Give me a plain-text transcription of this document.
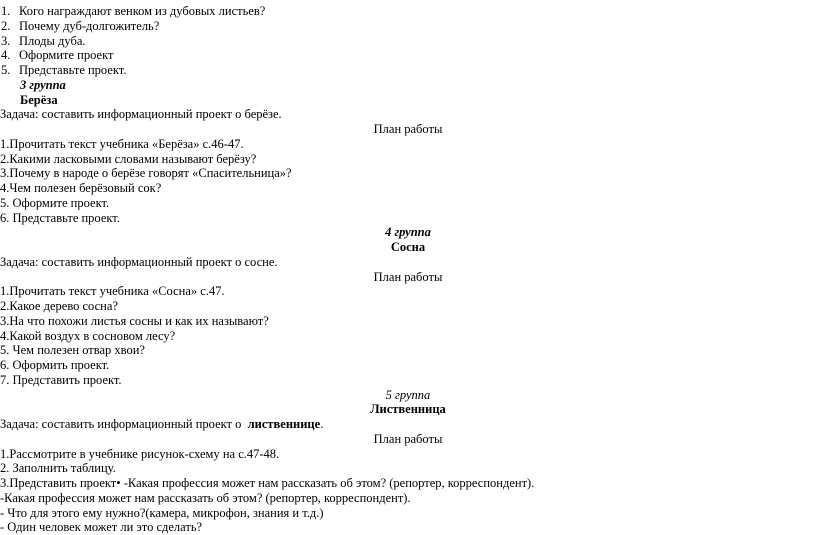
1. Кого награждают венком из дубовых листьев?
2. Почему дуб-долгожитель?
3. Плоды дуба.
4. Оформите проект
5. Представьте проект.
3 группа
Берёза
Задача: составить информационный проект о берёзе.
План работы
1.Прочитать текст учебника «Берёза» с.46-47.
2.Какими ласковыми словами называют берёзу?
3.Почему в народе о берёзе говорят «Спасительница»?
4.Чем полезен берёзовый сок?
5. Оформите проект.
6. Представьте проект.
4 группа
Сосна
Задача: составить информационный проект о сосне.
План работы
1.Прочитать текст учебника «Сосна» с.47.
2.Какое дерево сосна?
3.На что похожи листья сосны и как их называют?
4.Какой воздух в сосновом лесу?
5. Чем полезен отвар хвои?
6. Оформить проект.
7. Представить проект.
5 группа
Лиственница
Задача: составить информационный проект о  лиственнице.
План работы
1.Рассмотрите в учебнике рисунок-схему на с.47-48.
2. Заполнить таблицу.
3.Представить проект• -Какая профессия может нам рассказать об этом? (репортер, корреспондент).
-Какая профессия может нам рассказать об этом? (репортер, корреспондент).
- Что для этого ему нужно?(камера, микрофон, знания и т.д.)
- Один человек может ли это сделать?
